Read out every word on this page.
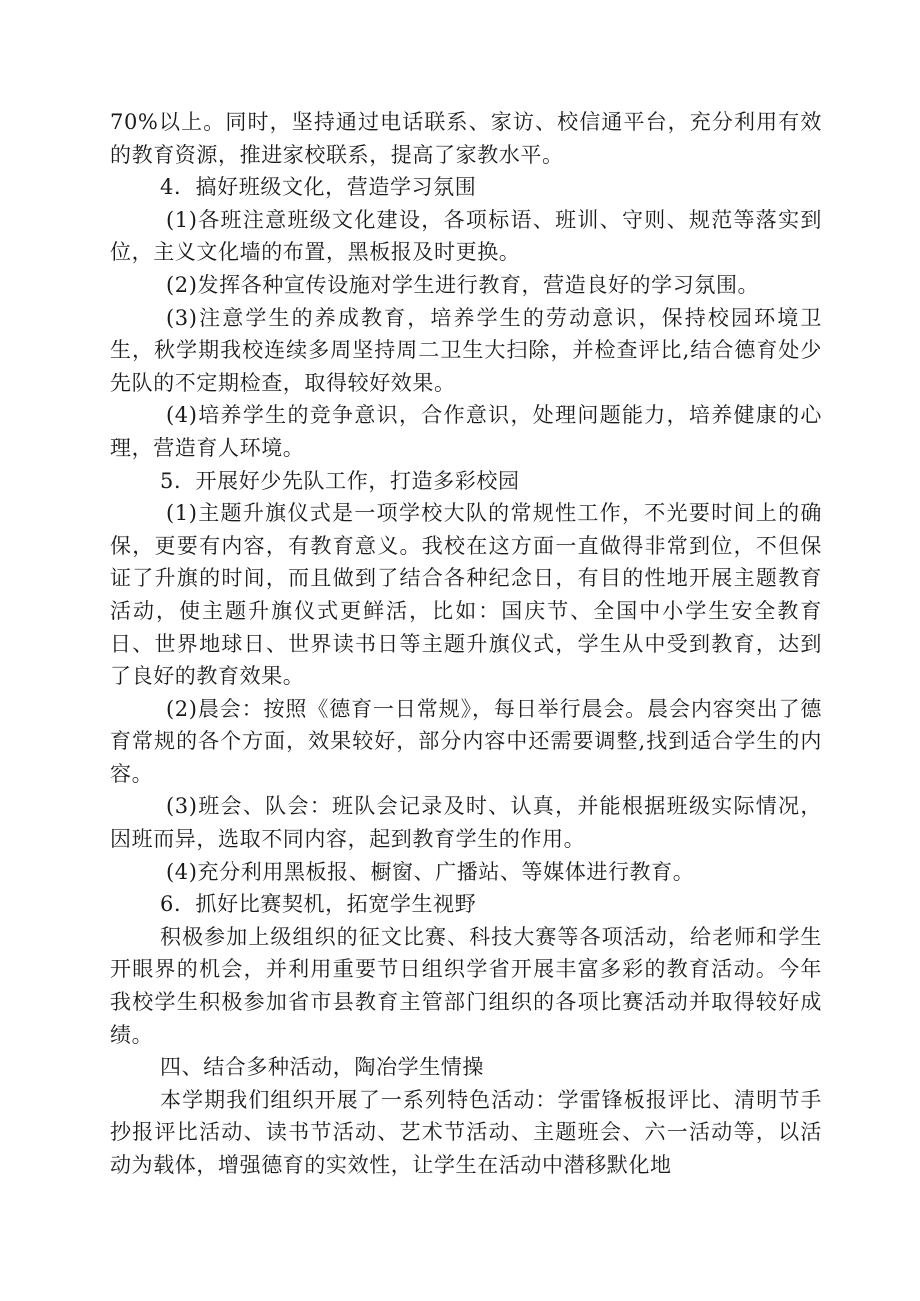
70%以上。同时，坚持通过电话联系、家访、校信通平台，充分利用有效的教育资源，推进家校联系，提高了家教水平。

4．搞好班级文化，营造学习氛围

(1)各班注意班级文化建设，各项标语、班训、守则、规范等落实到位，主义文化墙的布置，黑板报及时更换。

(2)发挥各种宣传设施对学生进行教育，营造良好的学习氛围。

(3)注意学生的养成教育，培养学生的劳动意识，保持校园环境卫生，秋学期我校连续多周坚持周二卫生大扫除，并检查评比,结合德育处少先队的不定期检查，取得较好效果。

(4)培养学生的竞争意识，合作意识，处理问题能力，培养健康的心理，营造育人环境。

5．开展好少先队工作，打造多彩校园

(1)主题升旗仪式是一项学校大队的常规性工作，不光要时间上的确保，更要有内容，有教育意义。我校在这方面一直做得非常到位，不但保证了升旗的时间，而且做到了结合各种纪念日，有目的性地开展主题教育活动，使主题升旗仪式更鲜活，比如：国庆节、全国中小学生安全教育日、世界地球日、世界读书日等主题升旗仪式，学生从中受到教育，达到了良好的教育效果。

(2)晨会：按照《德育一日常规》，每日举行晨会。晨会内容突出了德育常规的各个方面，效果较好，部分内容中还需要调整,找到适合学生的内容。

(3)班会、队会：班队会记录及时、认真，并能根据班级实际情况，因班而异，选取不同内容，起到教育学生的作用。

(4)充分利用黑板报、橱窗、广播站、等媒体进行教育。

6．抓好比赛契机，拓宽学生视野

积极参加上级组织的征文比赛、科技大赛等各项活动，给老师和学生开眼界的机会，并利用重要节日组织学省开展丰富多彩的教育活动。今年我校学生积极参加省市县教育主管部门组织的各项比赛活动并取得较好成绩。

四、结合多种活动，陶冶学生情操

本学期我们组织开展了一系列特色活动：学雷锋板报评比、清明节手抄报评比活动、读书节活动、艺术节活动、主题班会、六一活动等，以活动为载体，增强德育的实效性，让学生在活动中潜移默化地
